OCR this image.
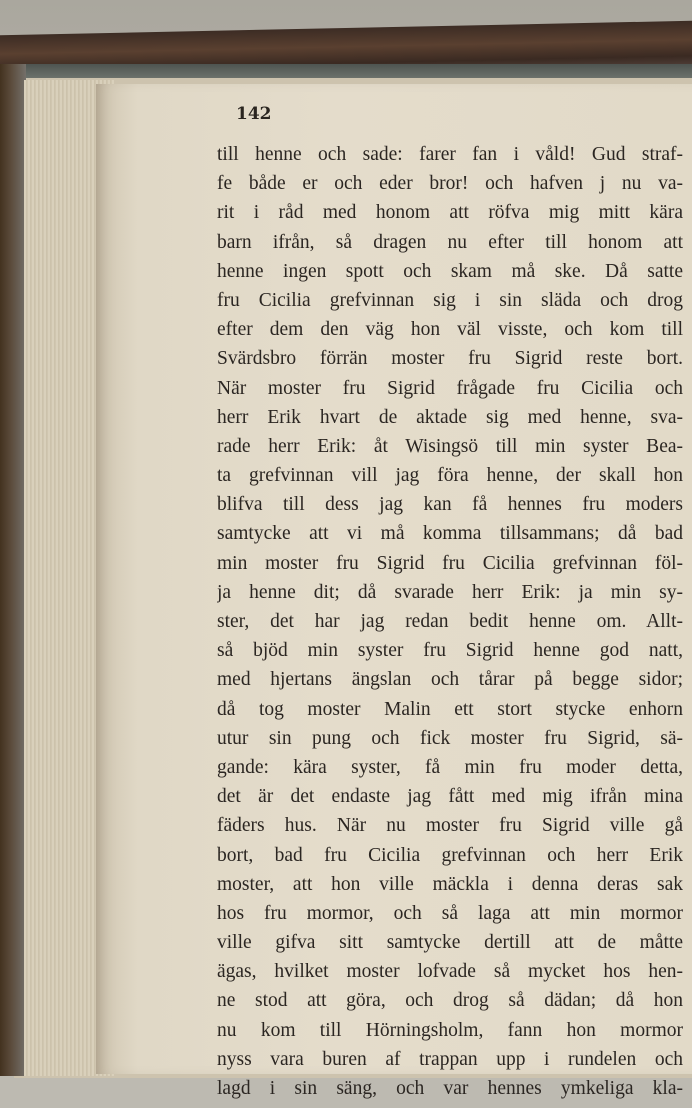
142

till henne och sade: farer fan i våld! Gud straf-
fe både er och eder bror! och hafven j nu va-
rit i råd med honom att röfva mig mitt kära
barn ifrån, så dragen nu efter till honom att
henne ingen spott och skam må ske. Då satte
fru Cicilia grefvinnan sig i sin släda och drog
efter dem den väg hon väl visste, och kom till
Svärdsbro förrän moster fru Sigrid reste bort.
När moster fru Sigrid frågade fru Cicilia och
herr Erik hvart de aktade sig med henne, sva-
rade herr Erik: åt Wisingsö till min syster Bea-
ta grefvinnan vill jag föra henne, der skall hon
blifva till dess jag kan få hennes fru moders
samtycke att vi må komma tillsammans; då bad
min moster fru Sigrid fru Cicilia grefvinnan föl-
ja henne dit; då svarade herr Erik: ja min sy-
ster, det har jag redan bedit henne om. Allt-
så bjöd min syster fru Sigrid henne god natt,
med hjertans ängslan och tårar på begge sidor;
då tog moster Malin ett stort stycke enhorn
utur sin pung och fick moster fru Sigrid, sä-
gande: kära syster, få min fru moder detta,
det är det endaste jag fått med mig ifrån mina
fäders hus. När nu moster fru Sigrid ville gå
bort, bad fru Cicilia grefvinnan och herr Erik
moster, att hon ville mäckla i denna deras sak
hos fru mormor, och så laga att min mormor
ville gifva sitt samtycke dertill att de måtte
ägas, hvilket moster lofvade så mycket hos hen-
ne stod att göra, och drog så dädan; då hon
nu kom till Hörningsholm, fann hon mormor
nyss vara buren af trappan upp i rundelen och
lagd i sin säng, och var hennes ymkeliga kla-
